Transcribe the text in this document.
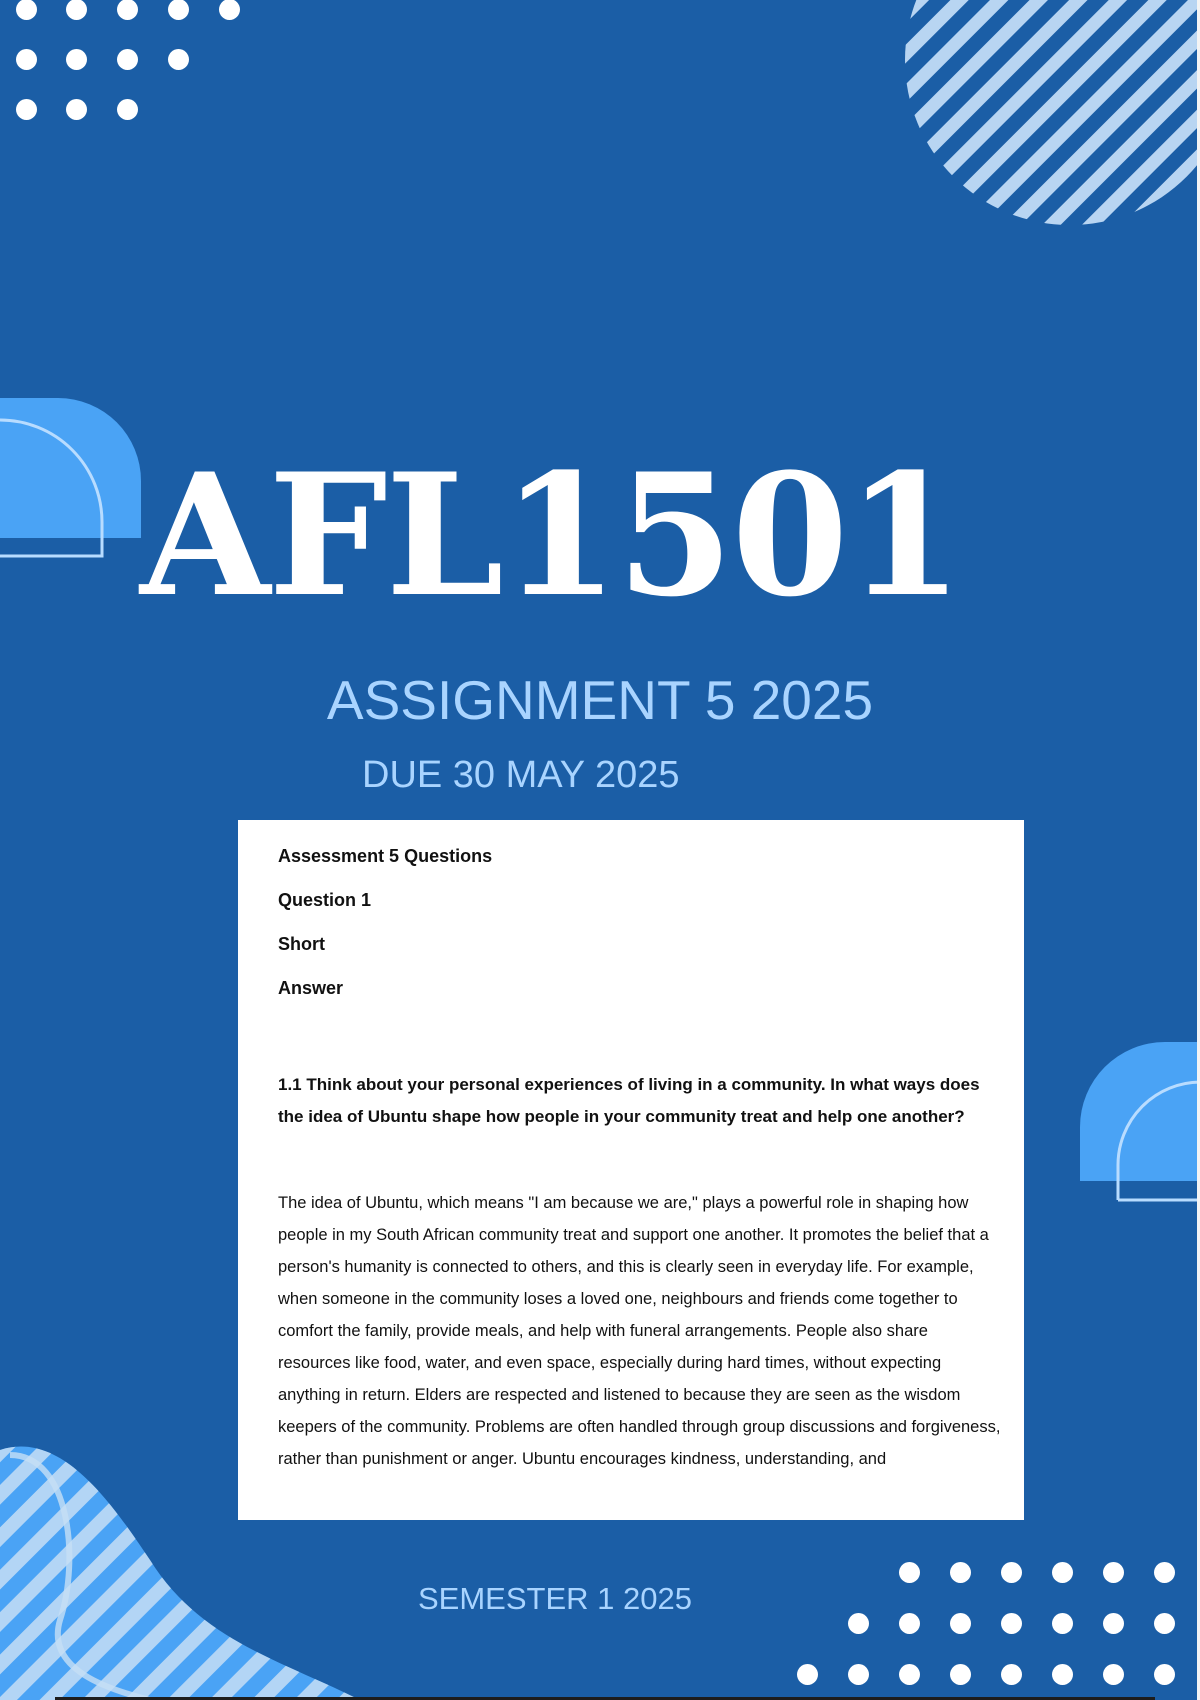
AFL1501
ASSIGNMENT 5 2025
DUE 30 MAY 2025

Assessment 5 Questions

Question 1

Short

Answer

1.1 Think about your personal experiences of living in a community. In what ways does the idea of Ubuntu shape how people in your community treat and help one another?
The idea of Ubuntu, which means "I am because we are," plays a powerful role in shaping how people in my South African community treat and support one another. It promotes the belief that a person's humanity is connected to others, and this is clearly seen in everyday life. For example, when someone in the community loses a loved one, neighbours and friends come together to comfort the family, provide meals, and help with funeral arrangements. People also share resources like food, water, and even space, especially during hard times, without expecting anything in return. Elders are respected and listened to because they are seen as the wisdom keepers of the community. Problems are often handled through group discussions and forgiveness, rather than punishment or anger. Ubuntu encourages kindness, understanding, and
SEMESTER 1 2025
